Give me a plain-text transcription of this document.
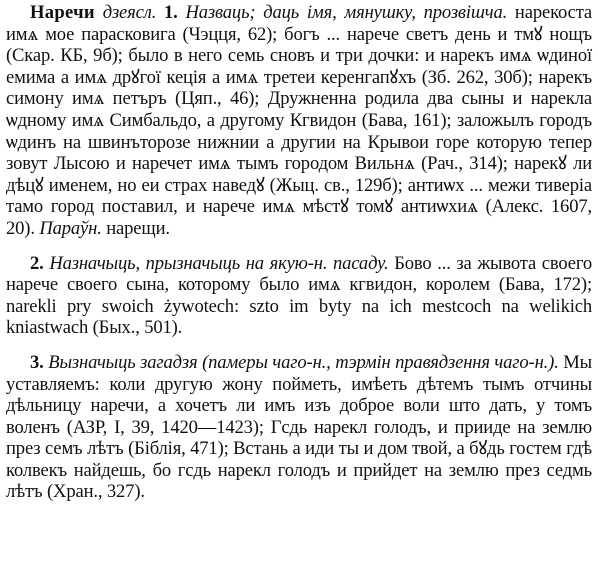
Наречи дзеясл. 1. Назваць; даць імя, мянушку, прозвішча. нарекоста имѧ мое парасковига (Чэцця, 62); богъ ... нарече светъ день и тмꙋ нощъ (Скар. КБ, 9б); было в него семь сновъ и три дочки: и нарекъ имѧ ѡдиної емима а имѧ дрꙋгої кеція а имѧ третеи керенгапꙋхъ (Зб. 262, 30б); нарекъ симону имѧ петъръ (Цяп., 46); Дружненна родила два сыны и нарекла ѡдному имѧ Симбальдо, а другому Кгвидон (Бава, 161); заложылъ городъ ѡдинъ на швинъторозе нижнии а другии на Крывои горе которую тепер зовут Лысою и наречет имѧ тымъ городом Вильнѧ (Рач., 314); нарекꙋ ли дѣцꙋ именем, но еи страх наведꙋ (Жыц. св., 129б); антиѡх ... межи тиверіа тамо город поставил, и нарече имѧ мѣстꙋ томꙋ антиѡхиѧ (Алекс. 1607, 20). Параўн. нарещи.

2. Назначыць, прызначыць на якую-н. пасаду. Бово ... за жывота своего нарече своего сына, которому было имѧ кгвидон, королем (Бава, 172); narekli pry swoich żywotech: szto im byty na ich mestcoch na welikich kniastwach (Бых., 501).

3. Вызначыць загадзя (памеры чаго-н., тэрмін правядзення чаго-н.). Мы уставляемъ: коли другую жону пойметь, имѣеть дѣтемъ тымъ отчины дѣльницу наречи, а хочетъ ли имъ изъ доброе воли што дать, у томъ воленъ (АЗР, I, 39, 1420—1423); Гсдь нарекл голодъ, и прииде на землю през семъ лѣтъ (Біблія, 471); Встань а иди ты и дом твой, а бꙋдь гостем гдѣ колвекъ найдешь, бо гсдь нарекл голодъ и прийдет на землю през седмь лѣтъ (Хран., 327).
